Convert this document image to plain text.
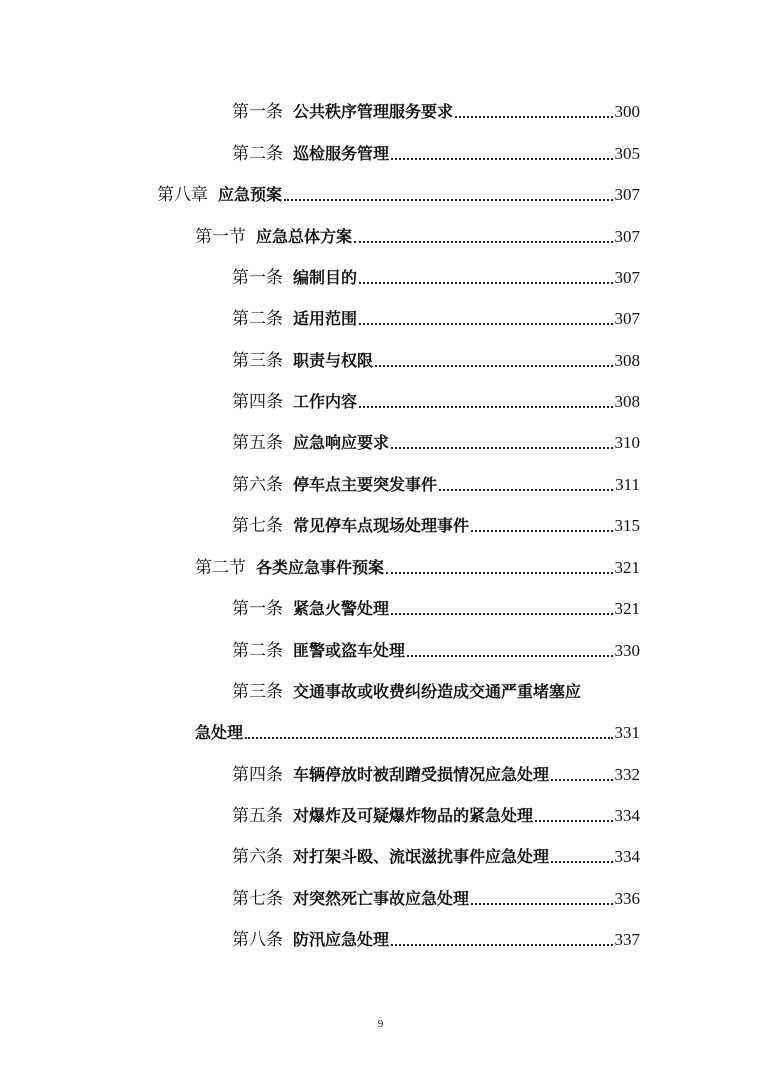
第一条 公共秩序管理服务要求	300
第二条 巡检服务管理	305
第八章 应急预案	307
第一节 应急总体方案	307
第一条 编制目的	307
第二条 适用范围	307
第三条 职责与权限	308
第四条 工作内容	308
第五条 应急响应要求	310
第六条 停车点主要突发事件	311
第七条 常见停车点现场处理事件	315
第二节 各类应急事件预案	321
第一条 紧急火警处理	321
第二条 匪警或盗车处理	330
第三条 交通事故或收费纠纷造成交通严重堵塞应
急处理	331
第四条 车辆停放时被刮蹭受损情况应急处理	332
第五条 对爆炸及可疑爆炸物品的紧急处理	334
第六条 对打架斗殴、流氓滋扰事件应急处理	334
第七条 对突然死亡事故应急处理	336
第八条 防汛应急处理	337
9
